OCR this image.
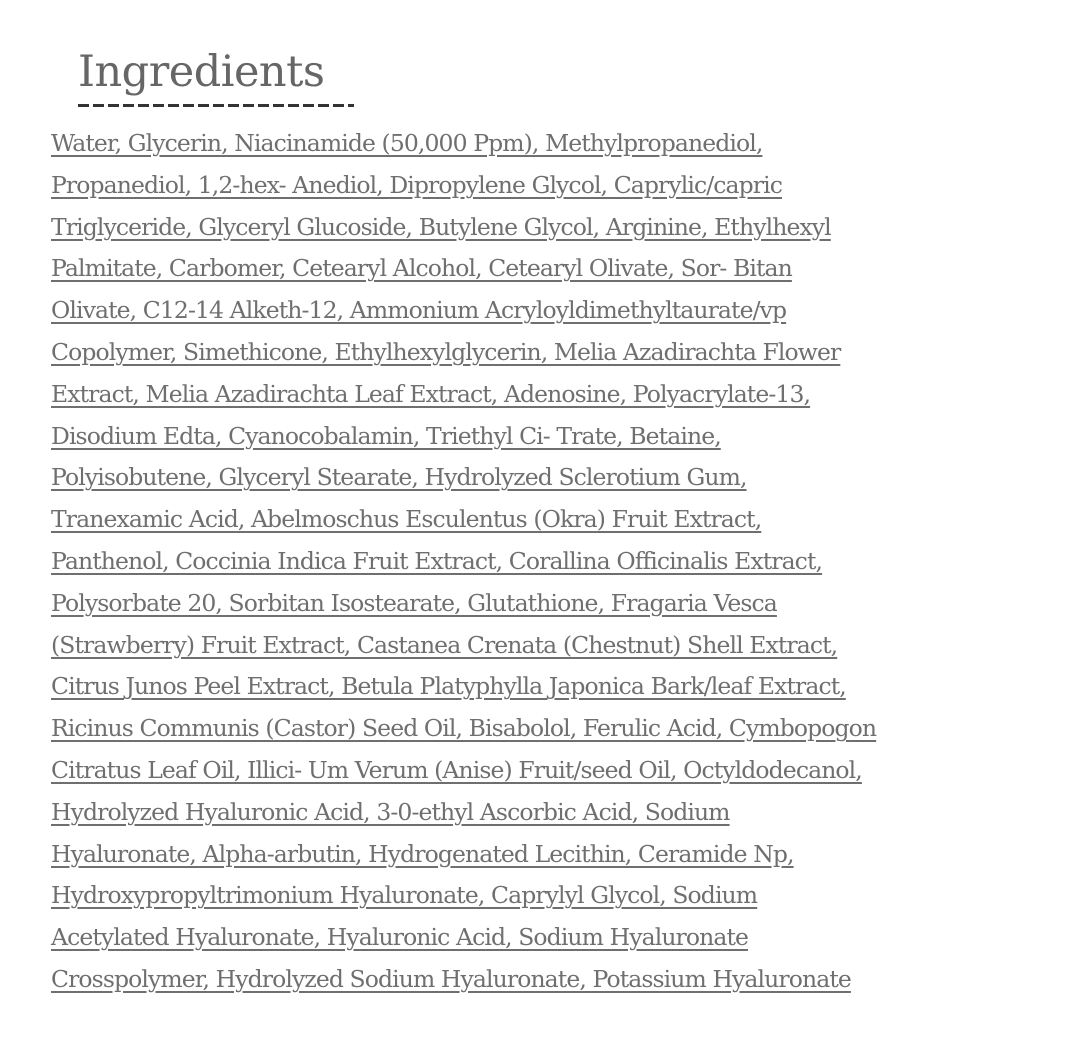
Ingredients
Water, Glycerin, Niacinamide (50,000 Ppm), Methylpropanediol,
Propanediol, 1,2-hex- Anediol, Dipropylene Glycol, Caprylic/capric
Triglyceride, Glyceryl Glucoside, Butylene Glycol, Arginine, Ethylhexyl
Palmitate, Carbomer, Cetearyl Alcohol, Cetearyl Olivate, Sor- Bitan
Olivate, C12-14 Alketh-12, Ammonium Acryloyldimethyltaurate/vp
Copolymer, Simethicone, Ethylhexylglycerin, Melia Azadirachta Flower
Extract, Melia Azadirachta Leaf Extract, Adenosine, Polyacrylate-13,
Disodium Edta, Cyanocobalamin, Triethyl Ci- Trate, Betaine,
Polyisobutene, Glyceryl Stearate, Hydrolyzed Sclerotium Gum,
Tranexamic Acid, Abelmoschus Esculentus (Okra) Fruit Extract,
Panthenol, Coccinia Indica Fruit Extract, Corallina Officinalis Extract,
Polysorbate 20, Sorbitan Isostearate, Glutathione, Fragaria Vesca
(Strawberry) Fruit Extract, Castanea Crenata (Chestnut) Shell Extract,
Citrus Junos Peel Extract, Betula Platyphylla Japonica Bark/leaf Extract,
Ricinus Communis (Castor) Seed Oil, Bisabolol, Ferulic Acid, Cymbopogon
Citratus Leaf Oil, Illici- Um Verum (Anise) Fruit/seed Oil, Octyldodecanol,
Hydrolyzed Hyaluronic Acid, 3-0-ethyl Ascorbic Acid, Sodium
Hyaluronate, Alpha-arbutin, Hydrogenated Lecithin, Ceramide Np,
Hydroxypropyltrimonium Hyaluronate, Caprylyl Glycol, Sodium
Acetylated Hyaluronate, Hyaluronic Acid, Sodium Hyaluronate
Crosspolymer, Hydrolyzed Sodium Hyaluronate, Potassium Hyaluronate
